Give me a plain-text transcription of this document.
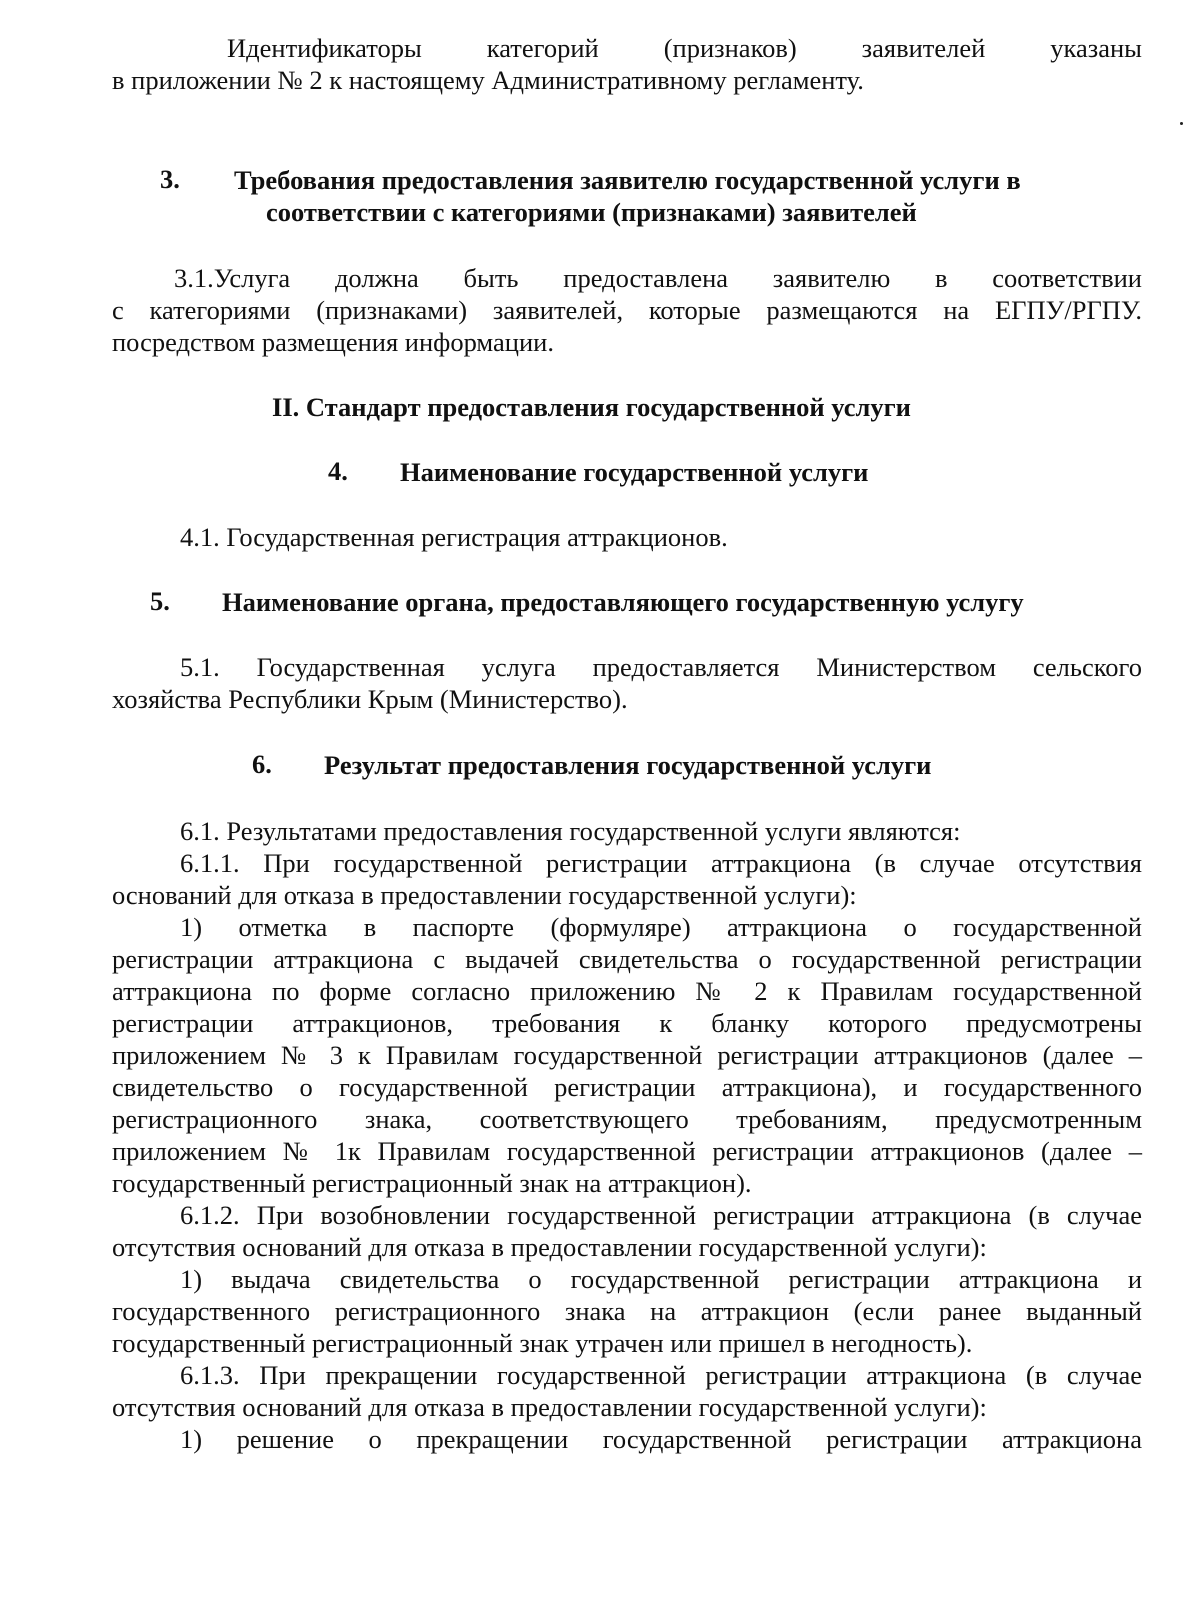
Идентификаторы категорий (признаков) заявителей указаны
в приложении № 2 к настоящему Административному регламенту.
3. Требования предоставления заявителю государственной услуги в
соответствии с категориями (признаками) заявителей
3.1.Услуга должна быть предоставлена заявителю в соответствии
с категориями (признаками) заявителей, которые размещаются на ЕГПУ/РГПУ.
посредством размещения информации.
II. Стандарт предоставления государственной услуги
4. Наименование государственной услуги
4.1. Государственная регистрация аттракционов.
5. Наименование органа, предоставляющего государственную услугу
5.1. Государственная услуга предоставляется Министерством сельского
хозяйства Республики Крым (Министерство).
6. Результат предоставления государственной услуги
6.1. Результатами предоставления государственной услуги являются:
6.1.1. При государственной регистрации аттракциона (в случае отсутствия
оснований для отказа в предоставлении государственной услуги):
1) отметка в паспорте (формуляре) аттракциона о государственной
регистрации аттракциона с выдачей свидетельства о государственной регистрации
аттракциона по форме согласно приложению № 2 к Правилам государственной
регистрации аттракционов, требования к бланку которого предусмотрены
приложением № 3 к Правилам государственной регистрации аттракционов (далее –
свидетельство о государственной регистрации аттракциона), и государственного
регистрационного знака, соответствующего требованиям, предусмотренным
приложением № 1к Правилам государственной регистрации аттракционов (далее –
государственный регистрационный знак на аттракцион).
6.1.2. При возобновлении государственной регистрации аттракциона (в случае
отсутствия оснований для отказа в предоставлении государственной услуги):
1) выдача свидетельства о государственной регистрации аттракциона и
государственного регистрационного знака на аттракцион (если ранее выданный
государственный регистрационный знак утрачен или пришел в негодность).
6.1.3. При прекращении государственной регистрации аттракциона (в случае
отсутствия оснований для отказа в предоставлении государственной услуги):
1) решение о прекращении государственной регистрации аттракциона
